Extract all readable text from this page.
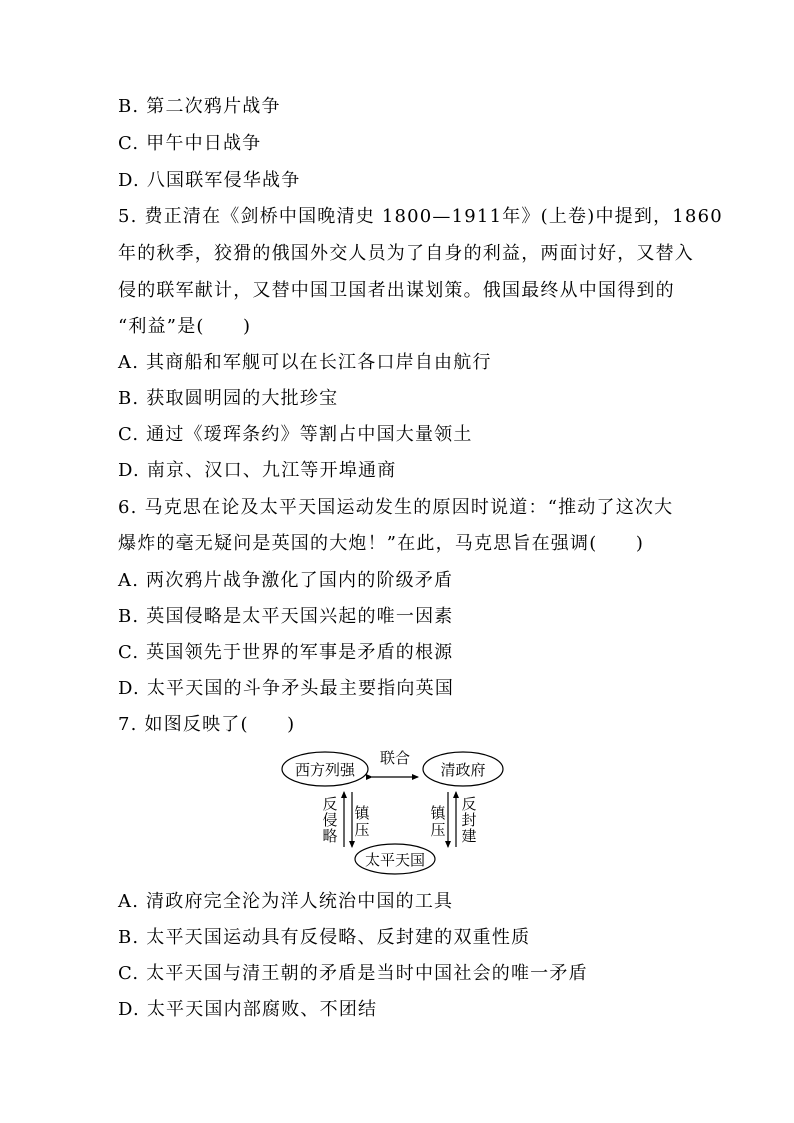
B. 第二次鸦片战争
C. 甲午中日战争
D. 八国联军侵华战争
5. 费正清在《剑桥中国晚清史 1800—1911年》(上卷)中提到，1860
年的秋季，狡猾的俄国外交人员为了自身的利益，两面讨好，又替入
侵的联军献计，又替中国卫国者出谋划策。俄国最终从中国得到的
“利益”是(　　)
A. 其商船和军舰可以在长江各口岸自由航行
B. 获取圆明园的大批珍宝
C. 通过《瑷珲条约》等割占中国大量领土
D. 南京、汉口、九江等开埠通商
6. 马克思在论及太平天国运动发生的原因时说道：“推动了这次大
爆炸的毫无疑问是英国的大炮！”在此，马克思旨在强调(　　)
A. 两次鸦片战争激化了国内的阶级矛盾
B. 英国侵略是太平天国兴起的唯一因素
C. 英国领先于世界的军事是矛盾的根源
D. 太平天国的斗争矛头最主要指向英国
7. 如图反映了(　　)
西方列强	清政府
太平天国
联合
反
侵
略
镇
压
镇
压
反
封
建
A. 清政府完全沦为洋人统治中国的工具
B. 太平天国运动具有反侵略、反封建的双重性质
C. 太平天国与清王朝的矛盾是当时中国社会的唯一矛盾
D. 太平天国内部腐败、不团结
